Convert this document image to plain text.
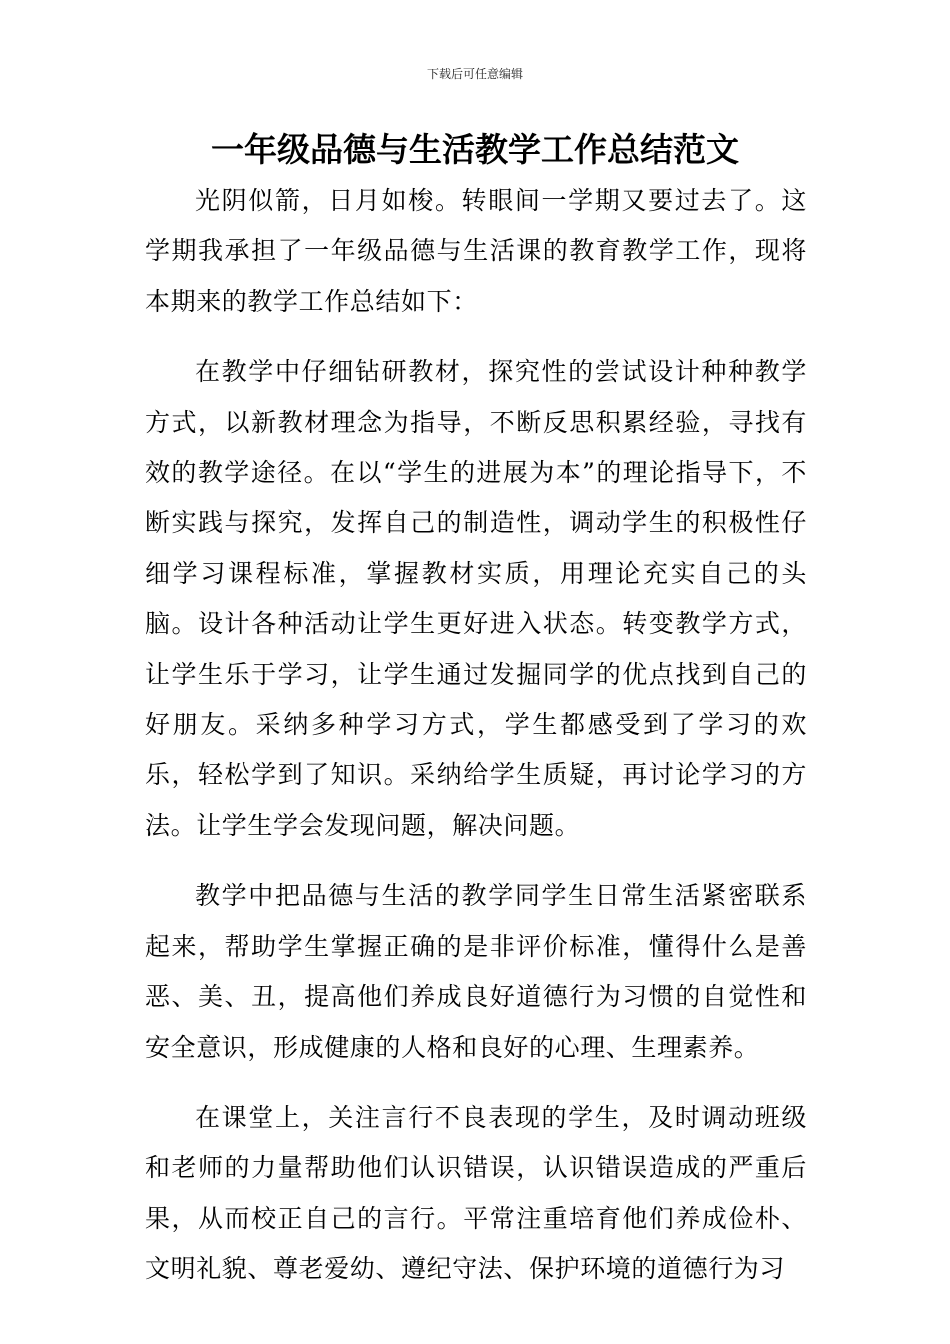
下载后可任意编辑
一年级品德与生活教学工作总结范文

光阴似箭，日月如梭。转眼间一学期又要过去了。这学期我承担了一年级品德与生活课的教育教学工作，现将本期来的教学工作总结如下：

在教学中仔细钻研教材，探究性的尝试设计种种教学方式，以新教材理念为指导，不断反思积累经验，寻找有效的教学途径。在以“学生的进展为本”的理论指导下，不断实践与探究，发挥自己的制造性，调动学生的积极性仔细学习课程标准，掌握教材实质，用理论充实自己的头脑。设计各种活动让学生更好进入状态。转变教学方式，让学生乐于学习，让学生通过发掘同学的优点找到自己的好朋友。采纳多种学习方式，学生都感受到了学习的欢乐，轻松学到了知识。采纳给学生质疑，再讨论学习的方法。让学生学会发现问题，解决问题。

教学中把品德与生活的教学同学生日常生活紧密联系起来，帮助学生掌握正确的是非评价标准，懂得什么是善恶、美、丑，提高他们养成良好道德行为习惯的自觉性和安全意识，形成健康的人格和良好的心理、生理素养。

在课堂上，关注言行不良表现的学生，及时调动班级和老师的力量帮助他们认识错误，认识错误造成的严重后果，从而校正自己的言行。平常注重培育他们养成俭朴、文明礼貌、尊老爱幼、遵纪守法、保护环境的道德行为习
